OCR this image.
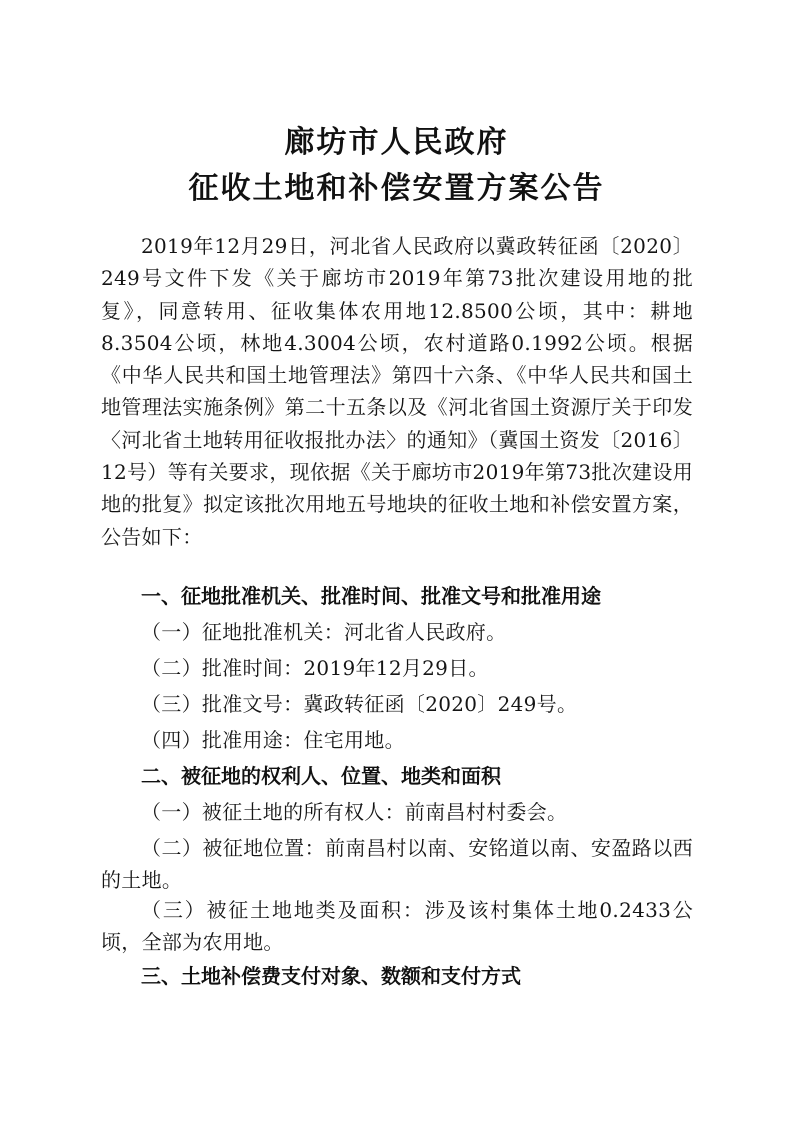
廊坊市人民政府
征收土地和补偿安置方案公告

2019年12月29日，河北省人民政府以冀政转征函〔2020〕249号文件下发《关于廊坊市2019年第73批次建设用地的批复》，同意转用、征收集体农用地12.8500公顷，其中：耕地8.3504公顷，林地4.3004公顷，农村道路0.1992公顷。根据《中华人民共和国土地管理法》第四十六条、《中华人民共和国土地管理法实施条例》第二十五条以及《河北省国土资源厅关于印发〈河北省土地转用征收报批办法〉的通知》（冀国土资发〔2016〕12号）等有关要求，现依据《关于廊坊市2019年第73批次建设用地的批复》拟定该批次用地五号地块的征收土地和补偿安置方案，公告如下：

一、征地批准机关、批准时间、批准文号和批准用途

（一）征地批准机关：河北省人民政府。

（二）批准时间：2019年12月29日。

（三）批准文号：冀政转征函〔2020〕249号。

（四）批准用途：住宅用地。

二、被征地的权利人、位置、地类和面积

（一）被征土地的所有权人：前南昌村村委会。

（二）被征地位置：前南昌村以南、安铭道以南、安盈路以西的土地。

（三）被征土地地类及面积：涉及该村集体土地0.2433公顷，全部为农用地。

三、土地补偿费支付对象、数额和支付方式
